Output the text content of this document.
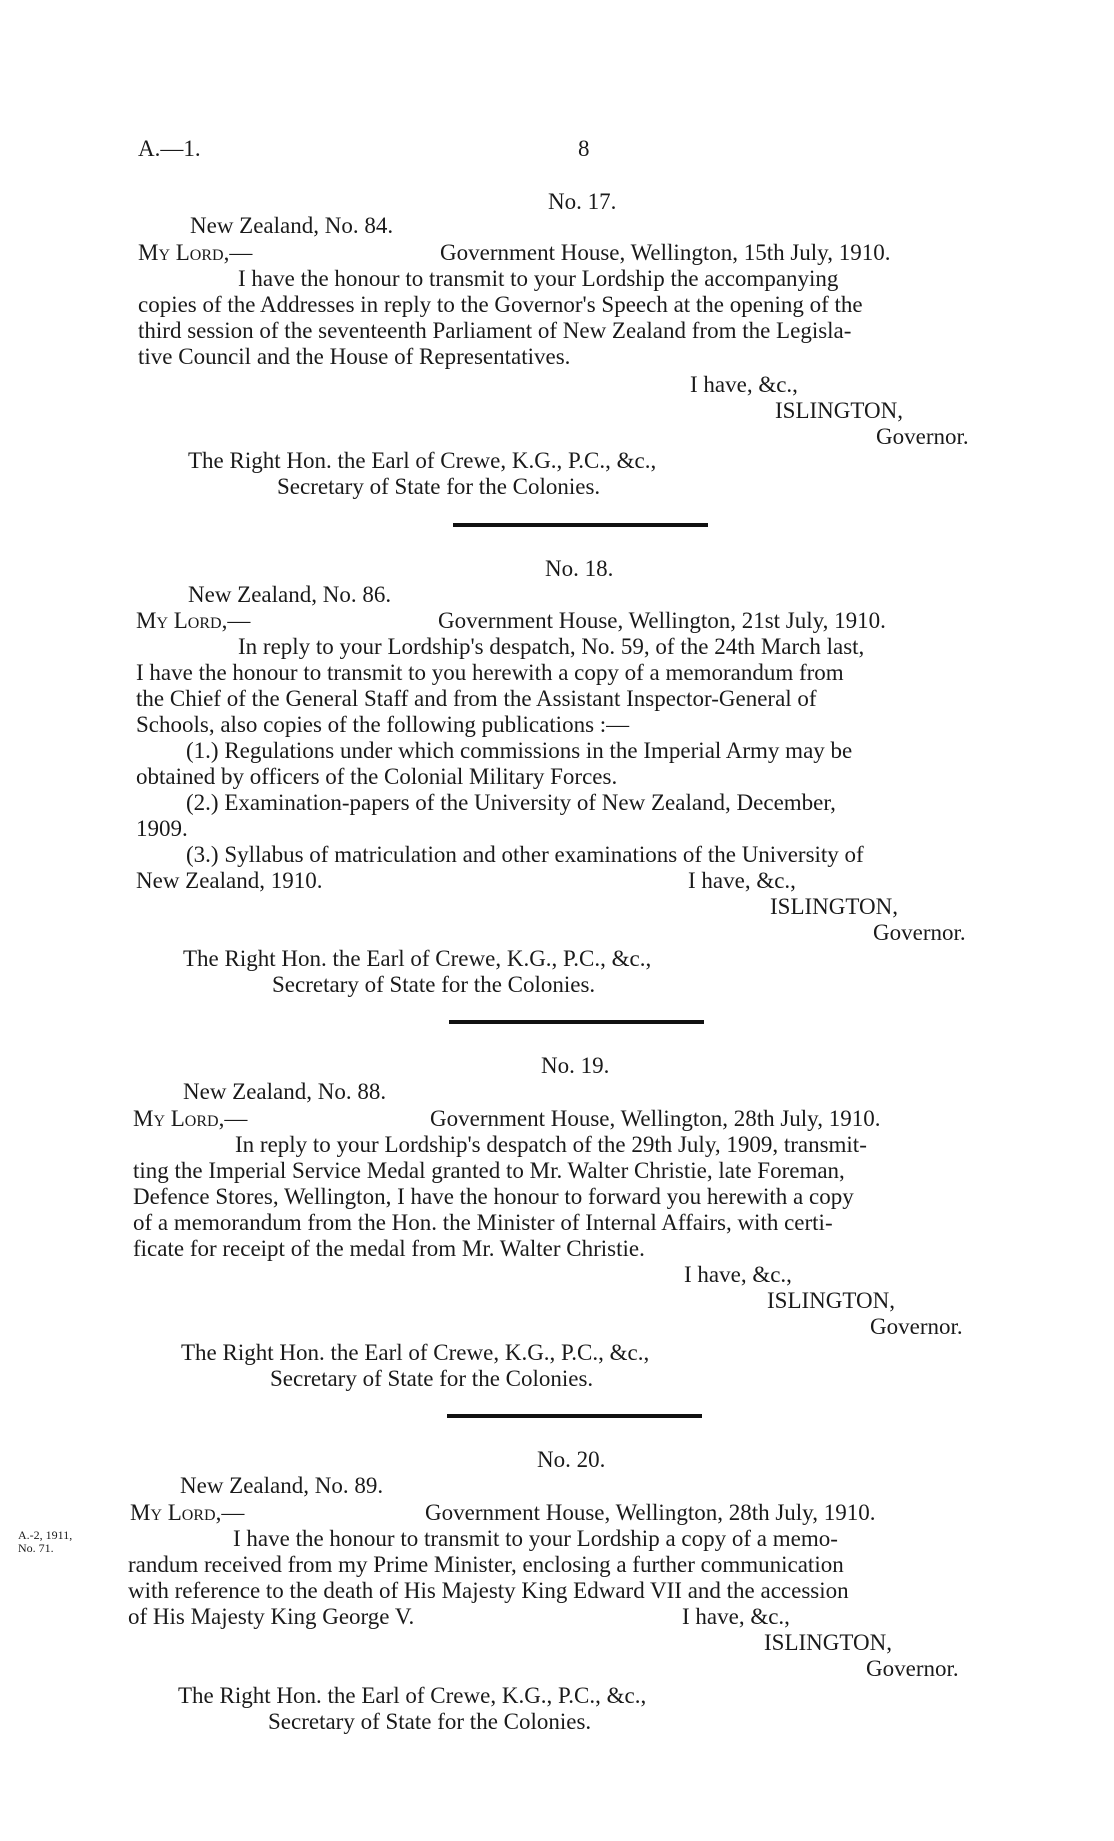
A.—1.	8
No. 17.
New Zealand, No. 84.
My Lord,—	Government House, Wellington, 15th July, 1910.
I have the honour to transmit to your Lordship the accompanying
copies of the Addresses in reply to the Governor's Speech at the opening of the
third session of the seventeenth Parliament of New Zealand from the Legisla-
tive Council and the House of Representatives.
I have, &c.,
ISLINGTON,
Governor.
The Right Hon. the Earl of Crewe, K.G., P.C., &c.,
Secretary of State for the Colonies.
No. 18.
New Zealand, No. 86.
My Lord,—	Government House, Wellington, 21st July, 1910.
In reply to your Lordship's despatch, No. 59, of the 24th March last,
I have the honour to transmit to you herewith a copy of a memorandum from
the Chief of the General Staff and from the Assistant Inspector-General of
Schools, also copies of the following publications :—
(1.) Regulations under which commissions in the Imperial Army may be
obtained by officers of the Colonial Military Forces.
(2.) Examination-papers of the University of New Zealand, December,
1909.
(3.) Syllabus of matriculation and other examinations of the University of
New Zealand, 1910.	I have, &c.,
ISLINGTON,
Governor.
The Right Hon. the Earl of Crewe, K.G., P.C., &c.,
Secretary of State for the Colonies.
No. 19.
New Zealand, No. 88.
My Lord,—	Government House, Wellington, 28th July, 1910.
In reply to your Lordship's despatch of the 29th July, 1909, transmit-
ting the Imperial Service Medal granted to Mr. Walter Christie, late Foreman,
Defence Stores, Wellington, I have the honour to forward you herewith a copy
of a memorandum from the Hon. the Minister of Internal Affairs, with certi-
ficate for receipt of the medal from Mr. Walter Christie.
I have, &c.,
ISLINGTON,
Governor.
The Right Hon. the Earl of Crewe, K.G., P.C., &c.,
Secretary of State for the Colonies.
No. 20.
New Zealand, No. 89.
My Lord,—	Government House, Wellington, 28th July, 1910.
A.-2, 1911,
No. 71.	I have the honour to transmit to your Lordship a copy of a memo-
randum received from my Prime Minister, enclosing a further communication
with reference to the death of His Majesty King Edward VII and the accession
of His Majesty King George V.	I have, &c.,
ISLINGTON,
Governor.
The Right Hon. the Earl of Crewe, K.G., P.C., &c.,
Secretary of State for the Colonies.
